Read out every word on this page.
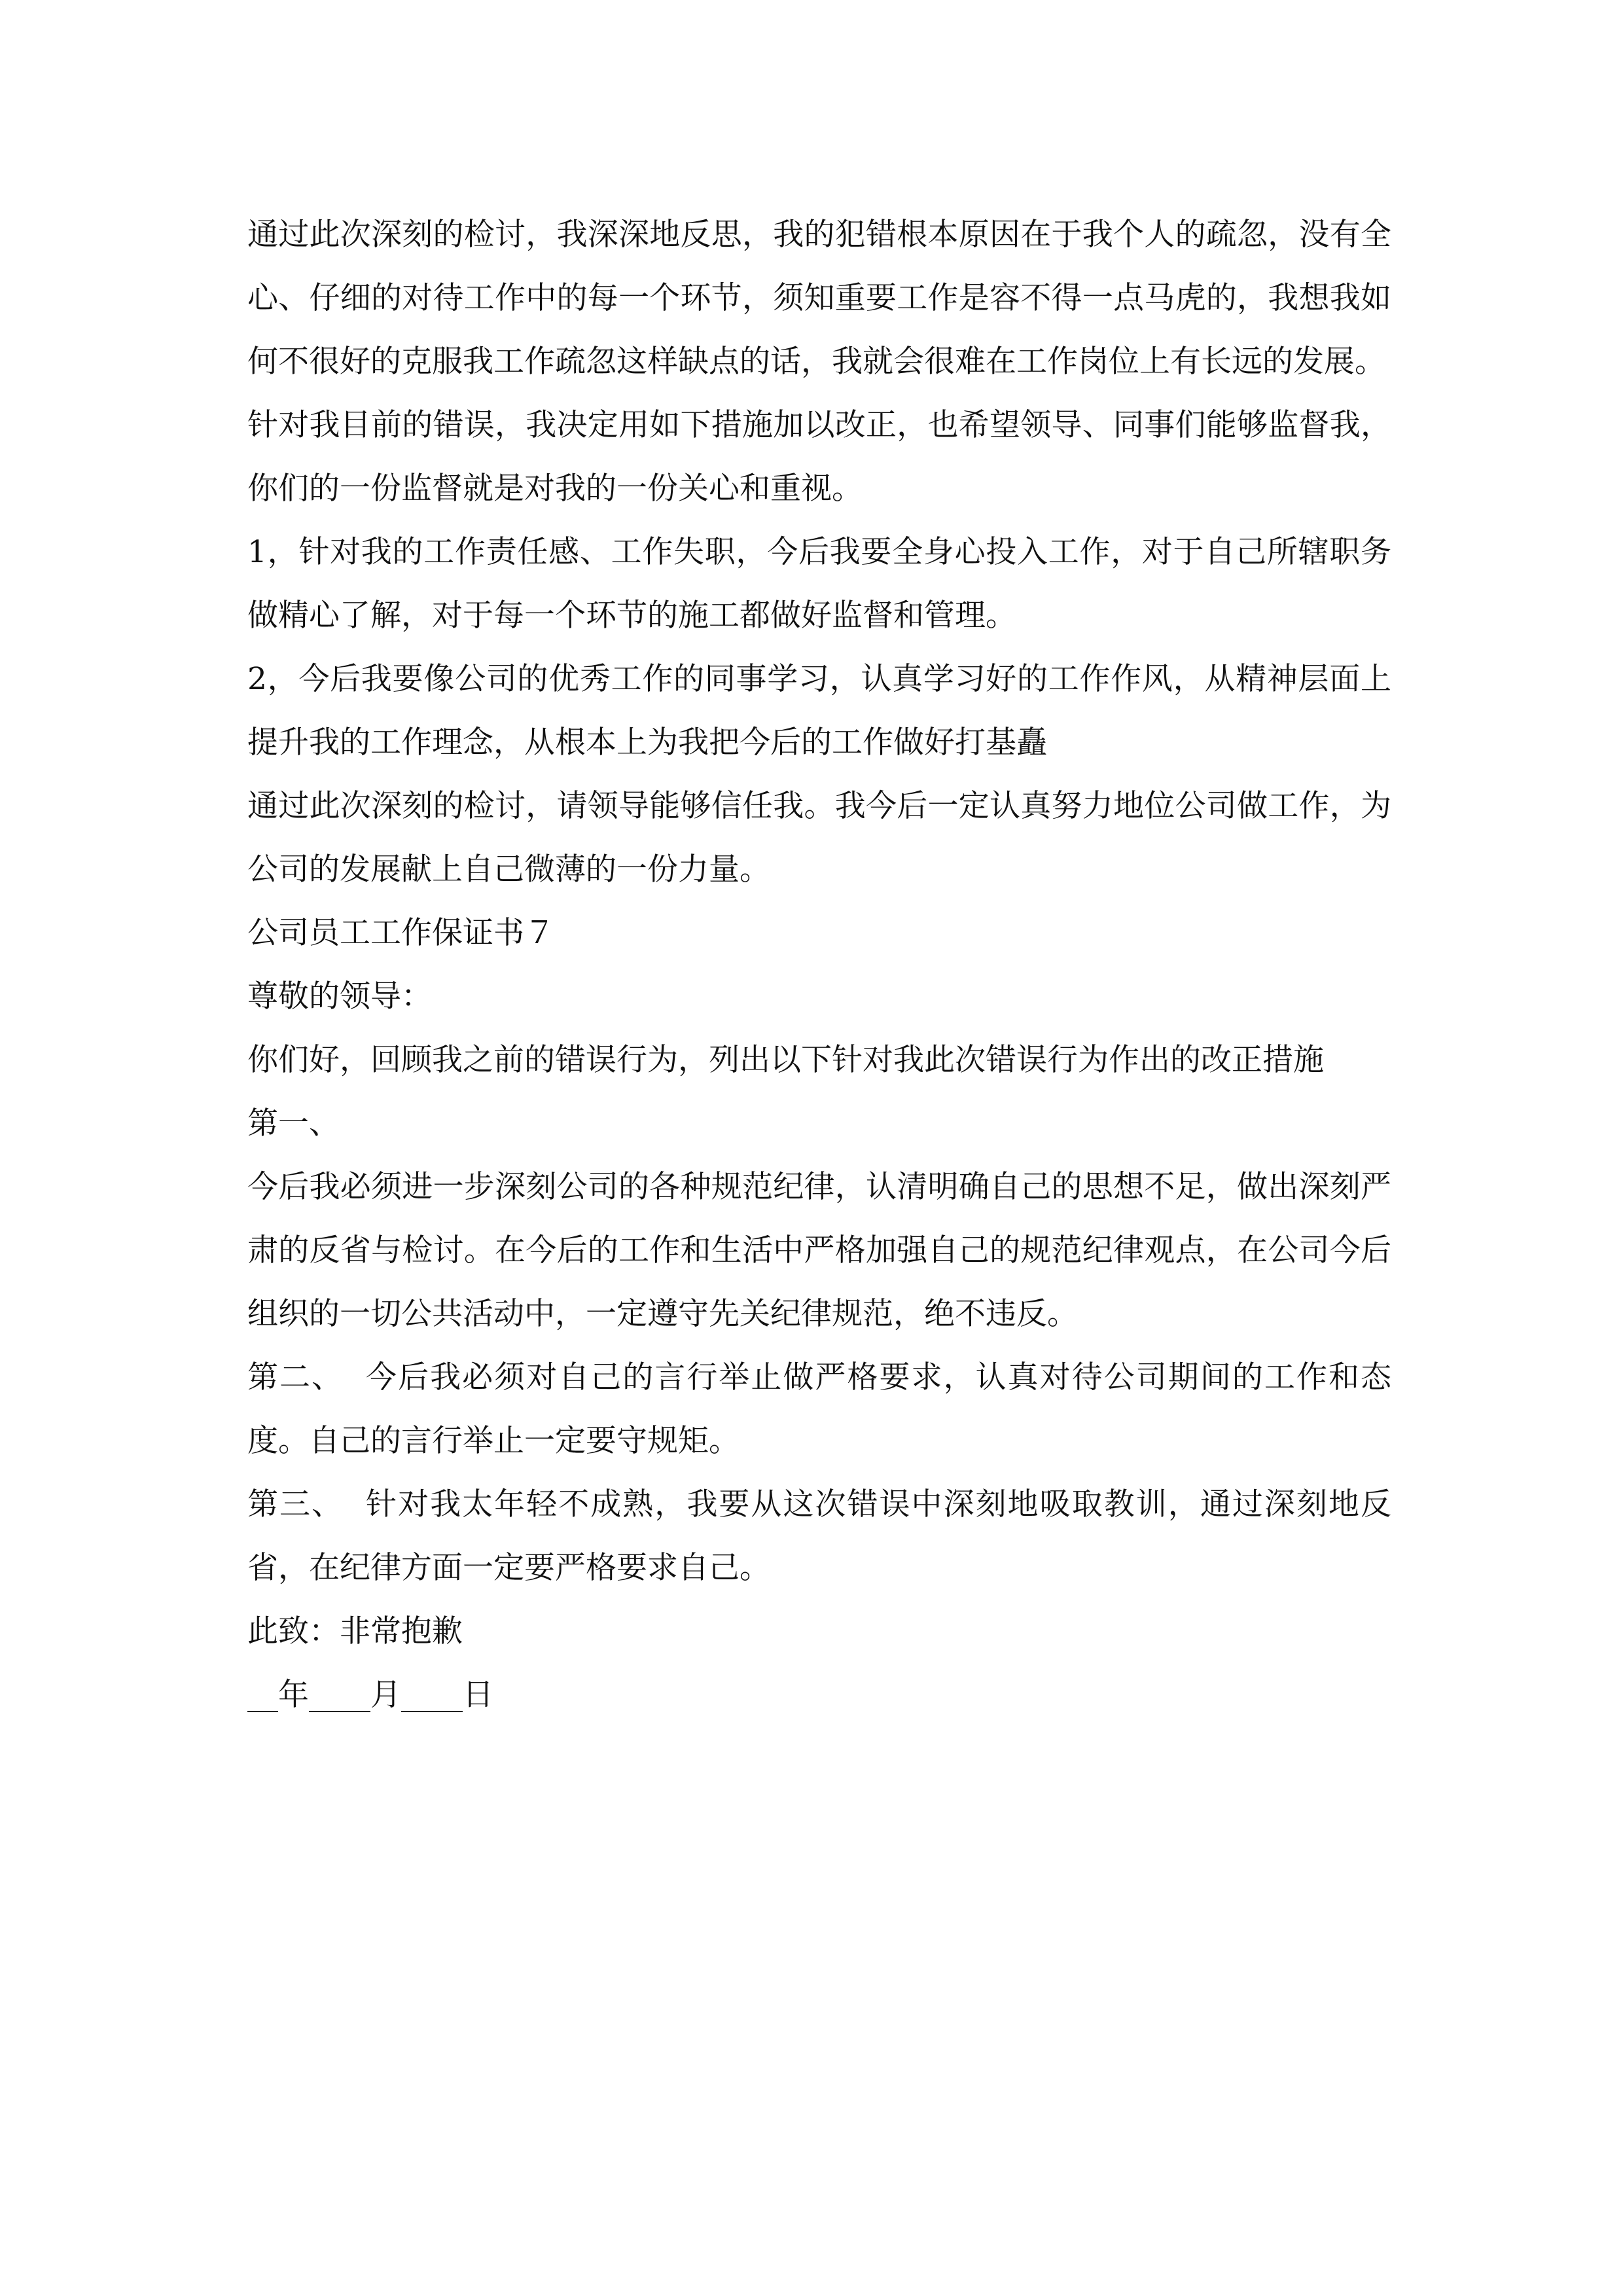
通过此次深刻的检讨，我深深地反思，我的犯错根本原因在于我个人的疏忽，没有全心、仔细的对待工作中的每一个环节，须知重要工作是容不得一点马虎的，我想我如何不很好的克服我工作疏忽这样缺点的话，我就会很难在工作岗位上有长远的发展。

针对我目前的错误，我决定用如下措施加以改正，也希望领导、同事们能够监督我，你们的一份监督就是对我的一份关心和重视。

1，针对我的工作责任感、工作失职，今后我要全身心投入工作，对于自己所辖职务做精心了解，对于每一个环节的施工都做好监督和管理。

2，今后我要像公司的优秀工作的同事学习，认真学习好的工作作风，从精神层面上提升我的工作理念，从根本上为我把今后的工作做好打基矗

通过此次深刻的检讨，请领导能够信任我。我今后一定认真努力地位公司做工作，为公司的发展献上自己微薄的一份力量。

公司员工工作保证书７

尊敬的领导：

你们好，回顾我之前的错误行为，列出以下针对我此次错误行为作出的改正措施

第一、

今后我必须进一步深刻公司的各种规范纪律，认清明确自己的思想不足，做出深刻严肃的反省与检讨。在今后的工作和生活中严格加强自己的规范纪律观点，在公司今后组织的一切公共活动中，一定遵守先关纪律规范，绝不违反。

第二、  今后我必须对自己的言行举止做严格要求，认真对待公司期间的工作和态度。自己的言行举止一定要守规矩。

第三、  针对我太年轻不成熟，我要从这次错误中深刻地吸取教训，通过深刻地反省，在纪律方面一定要严格要求自己。

此致：非常抱歉

__年____月____日
